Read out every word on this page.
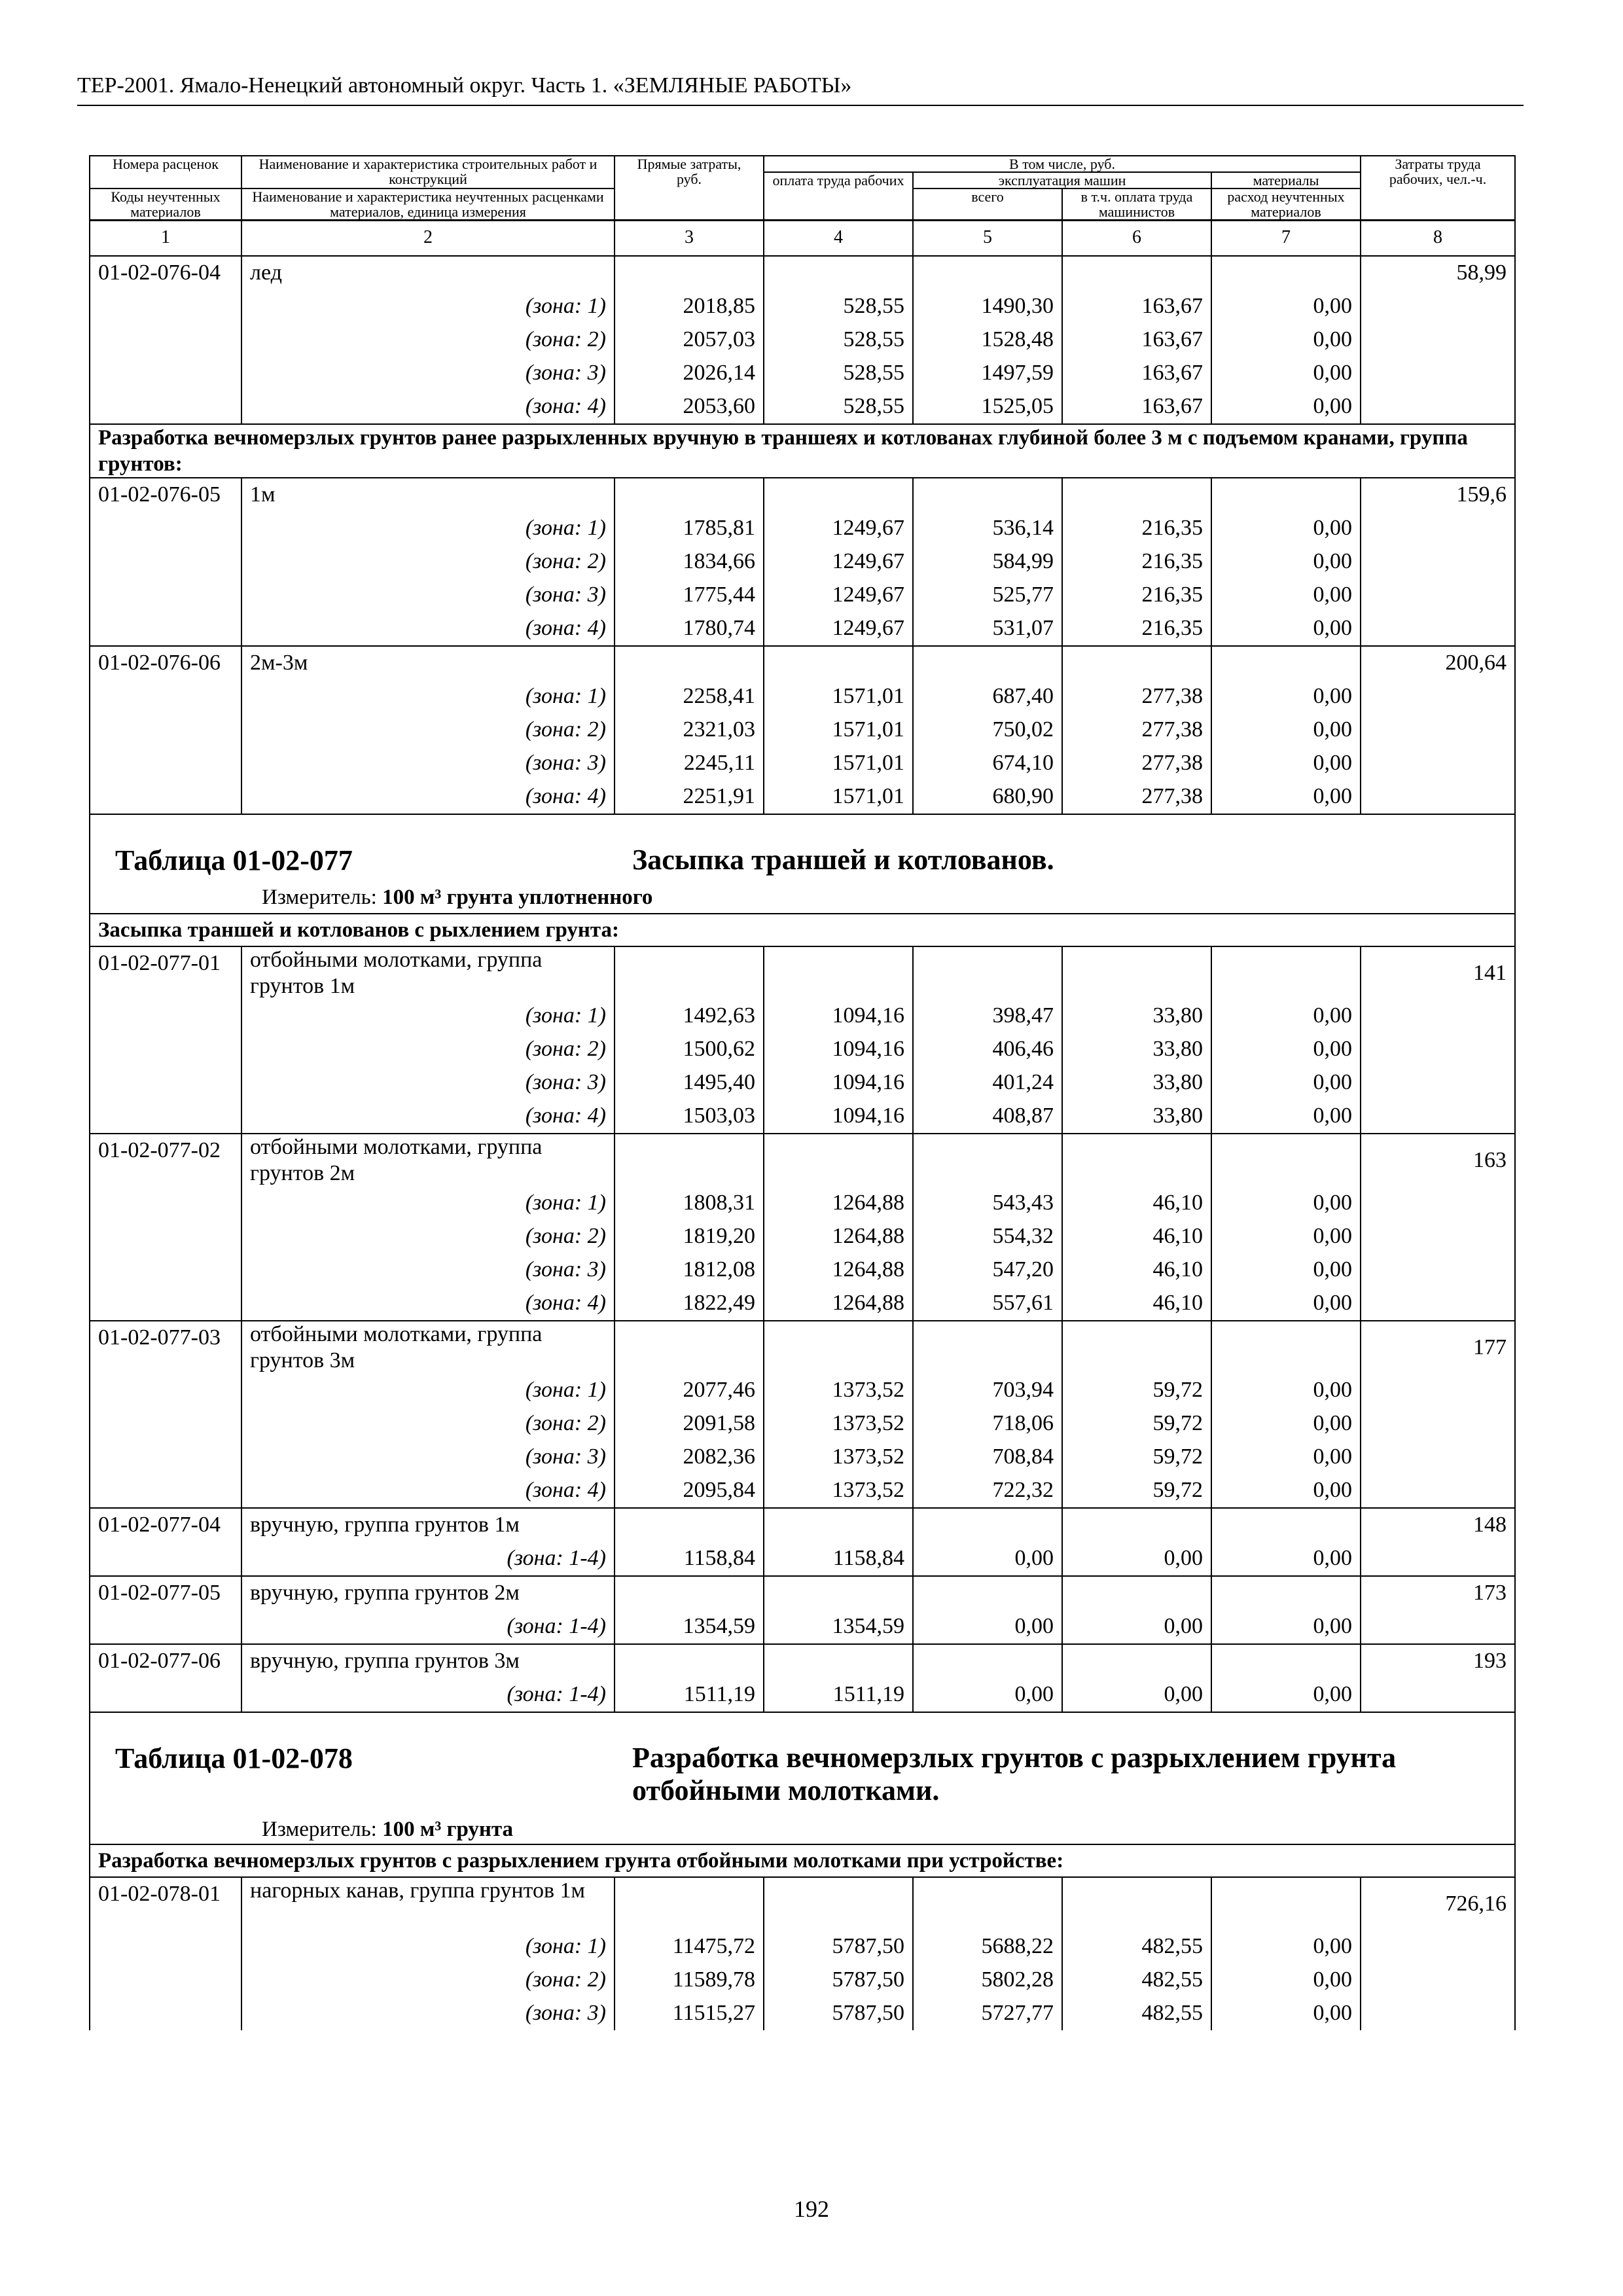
ТЕР-2001. Ямало-Ненецкий автономный округ. Часть 1. «ЗЕМЛЯНЫЕ РАБОТЫ»
Номера расценок	Наименование и характеристика строительных работ и конструкций	Прямые затраты, руб.	В том числе, руб.				Затраты труда рабочих, чел.-ч.
			оплата труда рабочих	эксплуатация машин		материалы	
Коды неучтенных материалов	Наименование и характеристика неучтенных расценками материалов, единица измерения			всего	в т.ч. оплата труда машинистов	расход неучтенных материалов	

1	2	3	4	5	6	7	8
01-02-076-04	лед						58,99
	(зона: 1)	2018,85	528,55	1490,30	163,67	0,00	
	(зона: 2)	2057,03	528,55	1528,48	163,67	0,00	
	(зона: 3)	2026,14	528,55	1497,59	163,67	0,00	
	(зона: 4)	2053,60	528,55	1525,05	163,67	0,00	
Разработка вечномерзлых грунтов ранее разрыхленных вручную в траншеях и котлованах глубиной более 3 м с подъемом кранами, группа грунтов:							
01-02-076-05	1м						159,6
	(зона: 1)	1785,81	1249,67	536,14	216,35	0,00	
	(зона: 2)	1834,66	1249,67	584,99	216,35	0,00	
	(зона: 3)	1775,44	1249,67	525,77	216,35	0,00	
	(зона: 4)	1780,74	1249,67	531,07	216,35	0,00	
01-02-076-06	2м-3м						200,64
	(зона: 1)	2258,41	1571,01	687,40	277,38	0,00	
	(зона: 2)	2321,03	1571,01	750,02	277,38	0,00	
	(зона: 3)	2245,11	1571,01	674,10	277,38	0,00	
	(зона: 4)	2251,91	1571,01	680,90	277,38	0,00	

Таблица 01-02-077 Засыпка траншей и котлованов.
Измеритель: 100 м³ грунта уплотненного							

Засыпка траншей и котлованов с рыхлением грунта:							
01-02-077-01	отбойными молотками, группа грунтов 1м						141
	(зона: 1)	1492,63	1094,16	398,47	33,80	0,00	
	(зона: 2)	1500,62	1094,16	406,46	33,80	0,00	
	(зона: 3)	1495,40	1094,16	401,24	33,80	0,00	
	(зона: 4)	1503,03	1094,16	408,87	33,80	0,00	
01-02-077-02	отбойными молотками, группа грунтов 2м						163
	(зона: 1)	1808,31	1264,88	543,43	46,10	0,00	
	(зона: 2)	1819,20	1264,88	554,32	46,10	0,00	
	(зона: 3)	1812,08	1264,88	547,20	46,10	0,00	
	(зона: 4)	1822,49	1264,88	557,61	46,10	0,00	
01-02-077-03	отбойными молотками, группа грунтов 3м						177
	(зона: 1)	2077,46	1373,52	703,94	59,72	0,00	
	(зона: 2)	2091,58	1373,52	718,06	59,72	0,00	
	(зона: 3)	2082,36	1373,52	708,84	59,72	0,00	
	(зона: 4)	2095,84	1373,52	722,32	59,72	0,00	
01-02-077-04	вручную, группа грунтов 1м						148
	(зона: 1-4)	1158,84	1158,84	0,00	0,00	0,00	
01-02-077-05	вручную, группа грунтов 2м						173
	(зона: 1-4)	1354,59	1354,59	0,00	0,00	0,00	
01-02-077-06	вручную, группа грунтов 3м						193
	(зона: 1-4)	1511,19	1511,19	0,00	0,00	0,00	

Таблица 01-02-078 Разработка вечномерзлых грунтов с разрыхлением грунта отбойными молотками.
Измеритель: 100 м³ грунта							

Разработка вечномерзлых грунтов с разрыхлением грунта отбойными молотками при устройстве:							
01-02-078-01	нагорных канав, группа грунтов 1м						726,16
	(зона: 1)	11475,72	5787,50	5688,22	482,55	0,00	
	(зона: 2)	11589,78	5787,50	5802,28	482,55	0,00	
	(зона: 3)	11515,27	5787,50	5727,77	482,55	0,00	
192
